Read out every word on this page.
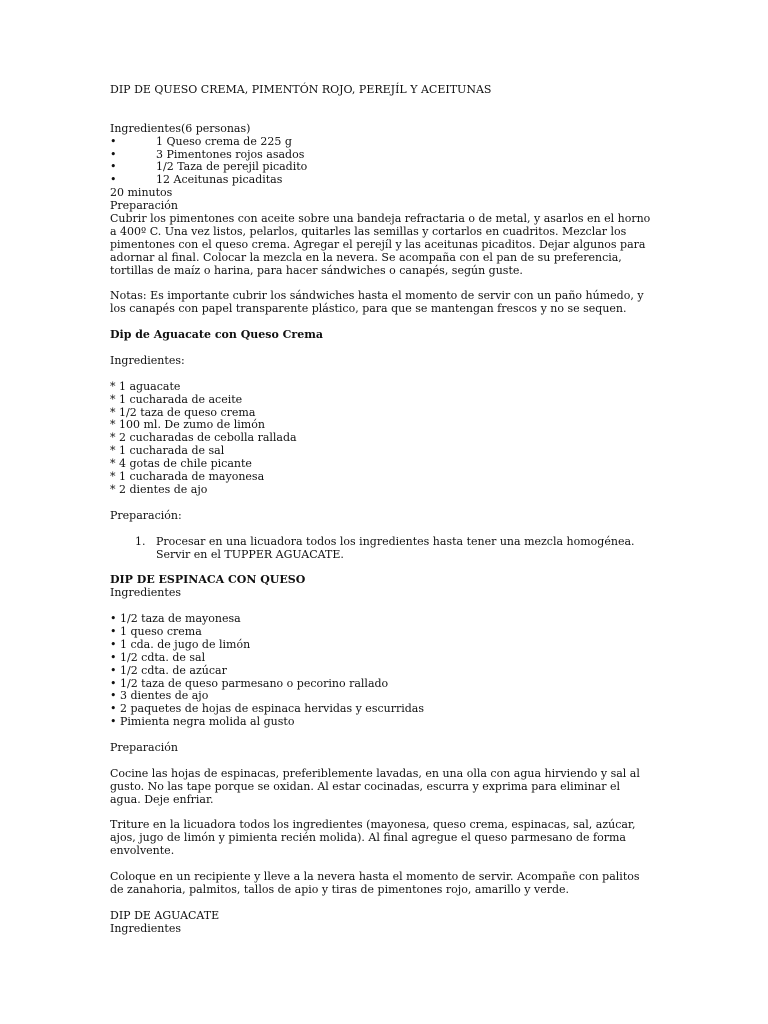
DIP DE QUESO CREMA, PIMENTÓN ROJO, PEREJÍL Y ACEITUNAS
Ingredientes(6 personas)
•	1 Queso crema de 225 g
•	3 Pimentones rojos asados
•	1/2 Taza de perejil picadito
•	12 Aceitunas picaditas
20 minutos
Preparación
Cubrir los pimentones con aceite sobre una bandeja refractaria o de metal, y asarlos en el horno
a 400º C. Una vez listos, pelarlos, quitarles las semillas y cortarlos en cuadritos. Mezclar los
pimentones con el queso crema. Agregar el perejíl y las aceitunas picaditos. Dejar algunos para
adornar al final. Colocar la mezcla en la nevera. Se acompaña con el pan de su preferencia,
tortillas de maíz o harina, para hacer sándwiches o canapés, según guste.
Notas: Es importante cubrir los sándwiches hasta el momento de servir con un paño húmedo, y
los canapés con papel transparente plástico, para que se mantengan frescos y no se sequen.
Dip de Aguacate con Queso Crema
Ingredientes:
* 1 aguacate
* 1 cucharada de aceite
* 1/2 taza de queso crema
* 100 ml. De zumo de limón
* 2 cucharadas de cebolla rallada
* 1 cucharada de sal
* 4 gotas de chile picante
* 1 cucharada de mayonesa
* 2 dientes de ajo
Preparación:
1. Procesar en una licuadora todos los ingredientes hasta tener una mezcla homogénea.
Servir en el TUPPER AGUACATE.
DIP DE ESPINACA CON QUESO
Ingredientes
• 1/2 taza de mayonesa
• 1 queso crema
• 1 cda. de jugo de limón
• 1/2 cdta. de sal
• 1/2 cdta. de azúcar
• 1/2 taza de queso parmesano o pecorino rallado
• 3 dientes de ajo
• 2 paquetes de hojas de espinaca hervidas y escurridas
• Pimienta negra molida al gusto
Preparación
Cocine las hojas de espinacas, preferiblemente lavadas, en una olla con agua hirviendo y sal al
gusto. No las tape porque se oxidan. Al estar cocinadas, escurra y exprima para eliminar el
agua. Deje enfriar.
Triture en la licuadora todos los ingredientes (mayonesa, queso crema, espinacas, sal, azúcar,
ajos, jugo de limón y pimienta recién molida). Al final agregue el queso parmesano de forma
envolvente.
Coloque en un recipiente y lleve a la nevera hasta el momento de servir. Acompañe con palitos
de zanahoria, palmitos, tallos de apio y tiras de pimentones rojo, amarillo y verde.
DIP DE AGUACATE
Ingredientes
